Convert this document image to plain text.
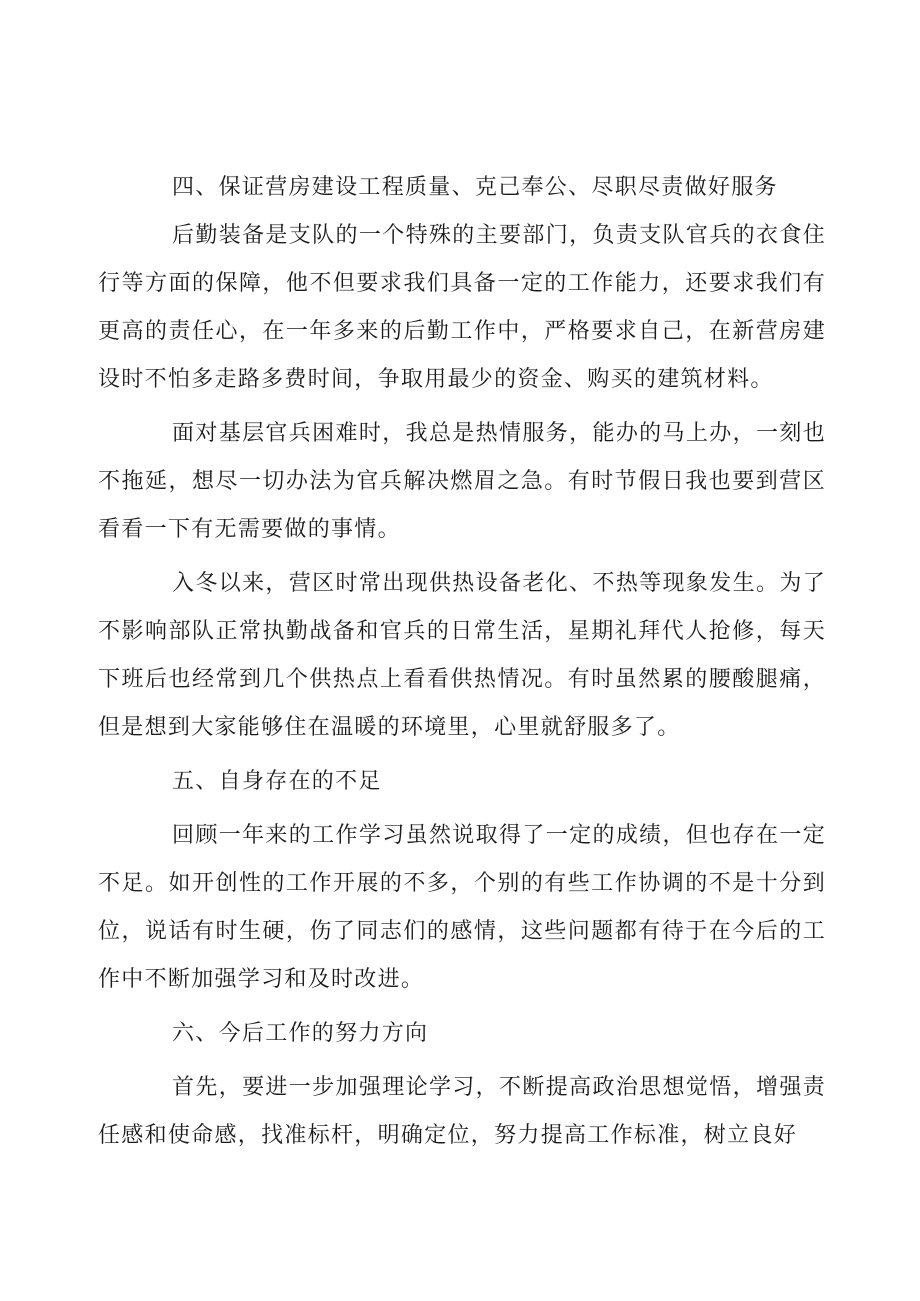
四、保证营房建设工程质量、克己奉公、尽职尽责做好服务

后勤装备是支队的一个特殊的主要部门，负责支队官兵的衣食住行等方面的保障，他不但要求我们具备一定的工作能力，还要求我们有更高的责任心，在一年多来的后勤工作中，严格要求自己，在新营房建设时不怕多走路多费时间，争取用最少的资金、购买的建筑材料。

面对基层官兵困难时，我总是热情服务，能办的马上办，一刻也不拖延，想尽一切办法为官兵解决燃眉之急。有时节假日我也要到营区看看一下有无需要做的事情。

入冬以来，营区时常出现供热设备老化、不热等现象发生。为了不影响部队正常执勤战备和官兵的日常生活，星期礼拜代人抢修，每天下班后也经常到几个供热点上看看供热情况。有时虽然累的腰酸腿痛，但是想到大家能够住在温暖的环境里，心里就舒服多了。

五、自身存在的不足

回顾一年来的工作学习虽然说取得了一定的成绩，但也存在一定不足。如开创性的工作开展的不多，个别的有些工作协调的不是十分到位，说话有时生硬，伤了同志们的感情，这些问题都有待于在今后的工作中不断加强学习和及时改进。

六、今后工作的努力方向

首先，要进一步加强理论学习，不断提高政治思想觉悟，增强责任感和使命感，找准标杆，明确定位，努力提高工作标准，树立良好
